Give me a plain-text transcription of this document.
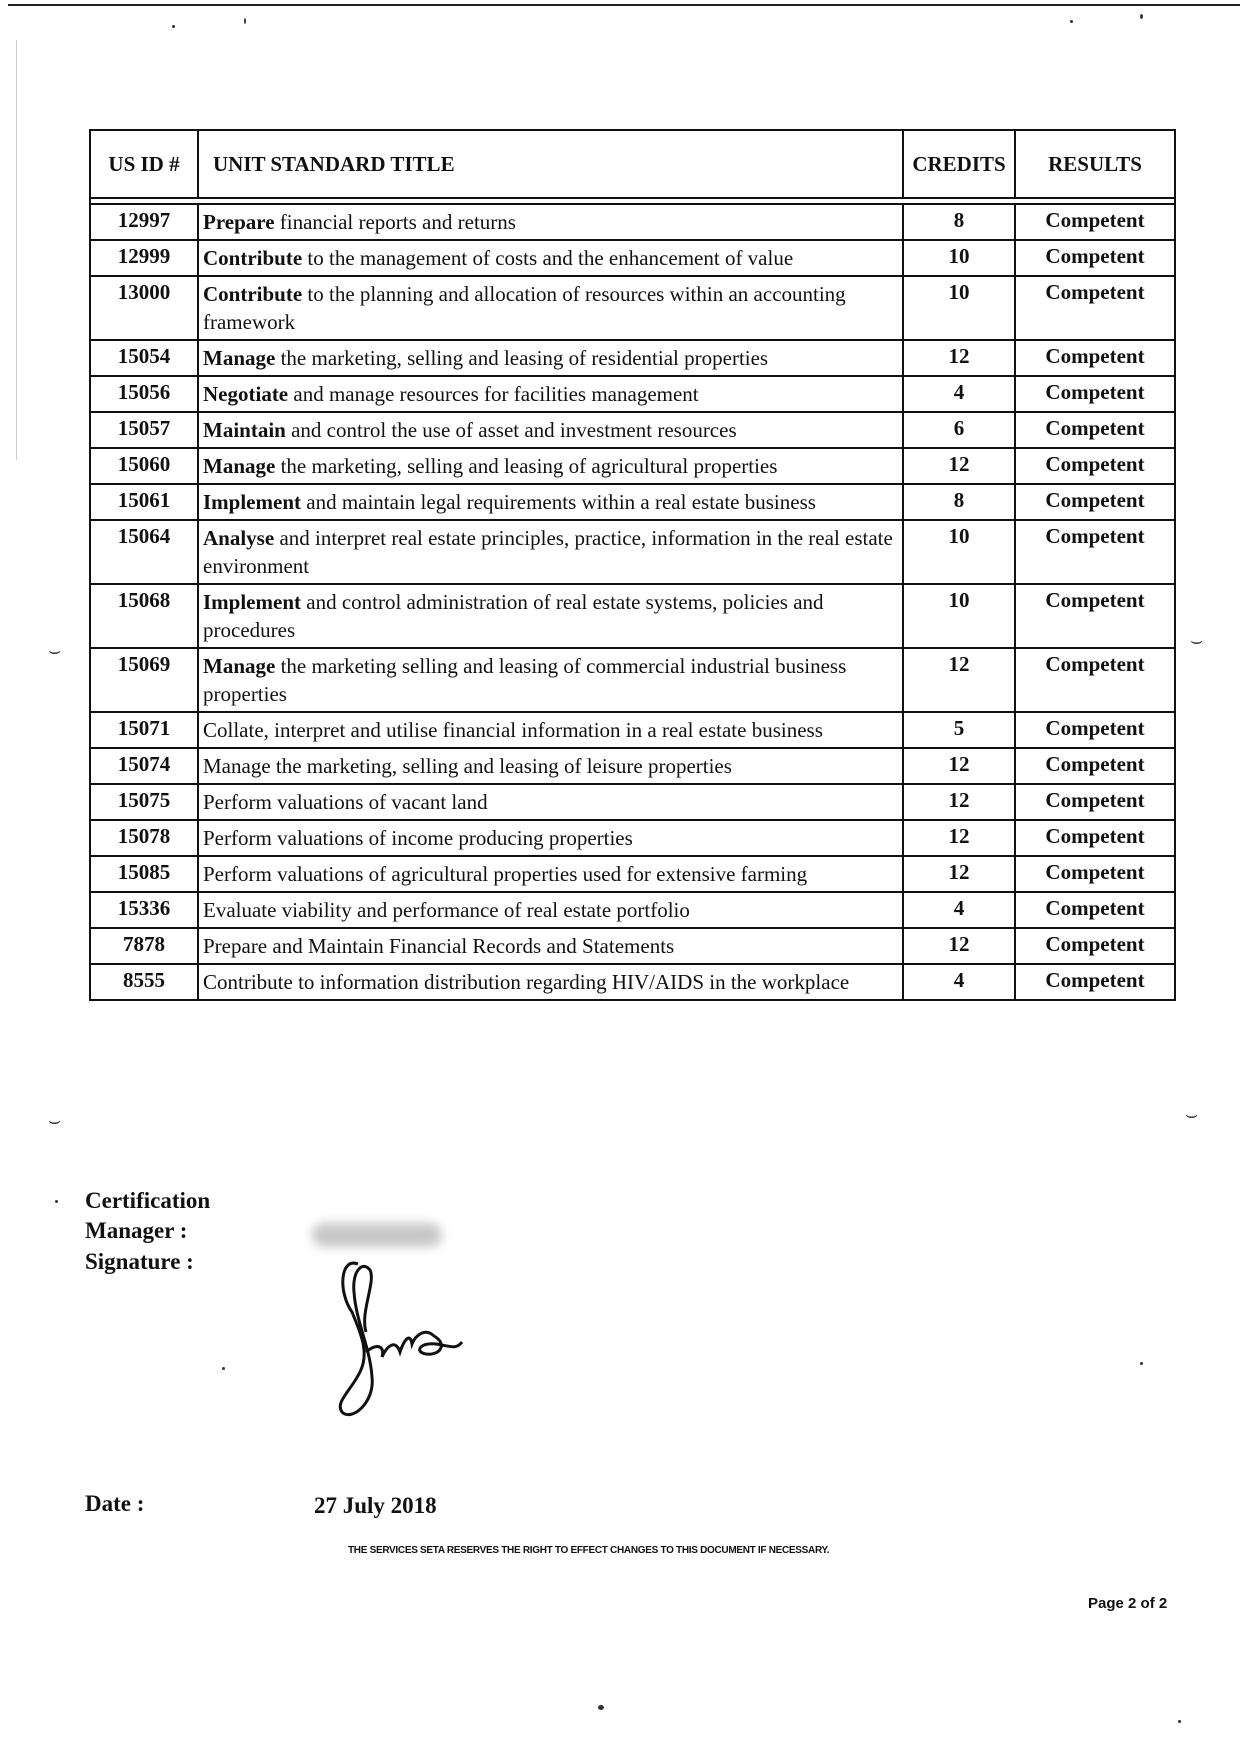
US ID #	UNIT STANDARD TITLE	CREDITS	RESULTS

12997	Prepare financial reports and returns	8	Competent
12999	Contribute to the management of costs and the enhancement of value	10	Competent
13000	Contribute to the planning and allocation of resources within an accounting framework	10	Competent
15054	Manage the marketing, selling and leasing of residential properties	12	Competent
15056	Negotiate and manage resources for facilities management	4	Competent
15057	Maintain and control the use of asset and investment resources	6	Competent
15060	Manage the marketing, selling and leasing of agricultural properties	12	Competent
15061	Implement and maintain legal requirements within a real estate business	8	Competent
15064	Analyse and interpret real estate principles, practice, information in the real estate environment	10	Competent
15068	Implement and control administration of real estate systems, policies and procedures	10	Competent
15069	Manage the marketing selling and leasing of commercial industrial business properties	12	Competent
15071	Collate, interpret and utilise financial information in a real estate business	5	Competent
15074	Manage the marketing, selling and leasing of leisure properties	12	Competent
15075	Perform valuations of vacant land	12	Competent
15078	Perform valuations of income producing properties	12	Competent
15085	Perform valuations of agricultural properties used for extensive farming	12	Competent
15336	Evaluate viability and performance of real estate portfolio	4	Competent
7878	Prepare and Maintain Financial Records and Statements	12	Competent
8555	Contribute to information distribution regarding HIV/AIDS in the workplace	4	Competent
Certification
Manager :
Signature :
Date :	27 July 2018
THE SERVICES SETA RESERVES THE RIGHT TO EFFECT CHANGES TO THIS DOCUMENT IF NECESSARY.
Page 2 of 2
⌣	⌣
⌣	⌣
